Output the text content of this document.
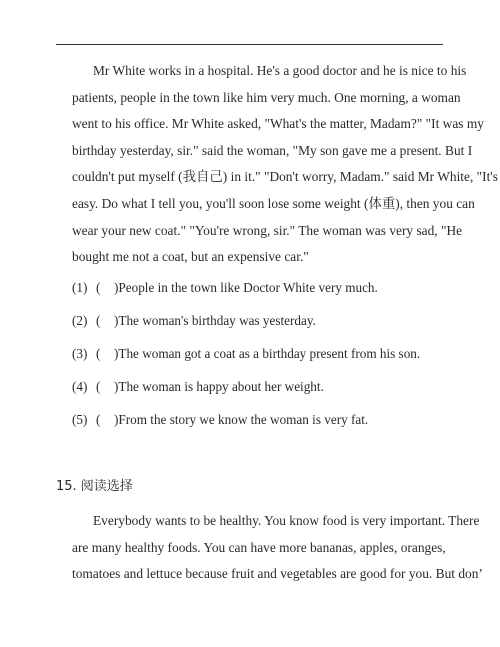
Mr White works in a hospital. He's a good doctor and he is nice to his
patients, people in the town like him very much. One morning, a woman
went to his office. Mr White asked, "What's the matter, Madam?" "It was my
birthday yesterday, sir." said the woman, "My son gave me a present. But I
couldn't put myself (我自己) in it." "Don't worry, Madam." said Mr White, "It's
easy. Do what I tell you, you'll soon lose some weight (体重), then you can
wear your new coat." "You're wrong, sir." The woman was very sad, "He
bought me not a coat, but an expensive car."
(1) ( )People in the town like Doctor White very much.
(2) ( )The woman's birthday was yesterday.
(3) ( )The woman got a coat as a birthday present from his son.
(4) ( )The woman is happy about her weight.
(5) ( )From the story we know the woman is very fat.
15. 阅读选择
Everybody wants to be healthy. You know food is very important. There
are many healthy foods. You can have more bananas, apples, oranges,
tomatoes and lettuce because fruit and vegetables are good for you. But don’
